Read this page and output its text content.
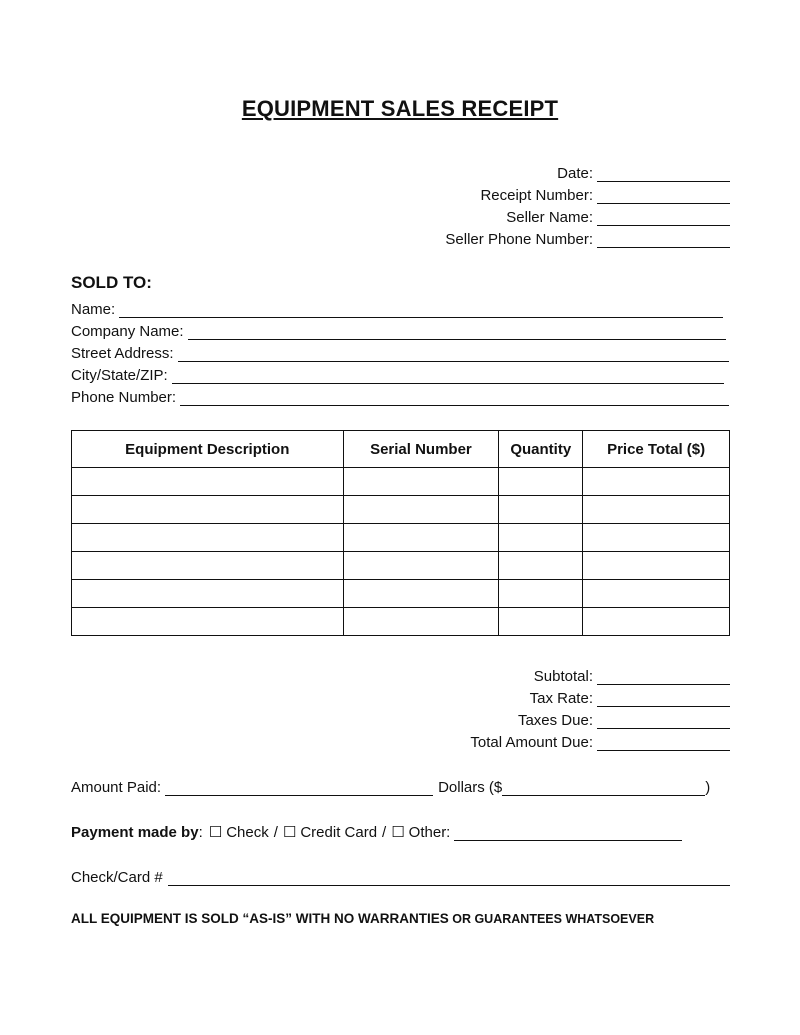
EQUIPMENT SALES RECEIPT
Date:
Receipt Number:
Seller Name:
Seller Phone Number:
SOLD TO:
Name:
Company Name:
Street Address:
City/State/ZIP:
Phone Number:
Equipment Description	Serial Number	Quantity	Price Total ($)

Subtotal:
Tax Rate:
Taxes Due:
Total Amount Due:
Amount Paid:	Dollars ($	)
Payment made by : ☐ Check / ☐ Credit Card / ☐ Other:
Check/Card #
ALL EQUIPMENT IS SOLD “AS-IS” WITH NO WARRANTIES OR GUARANTEES WHATSOEVER
